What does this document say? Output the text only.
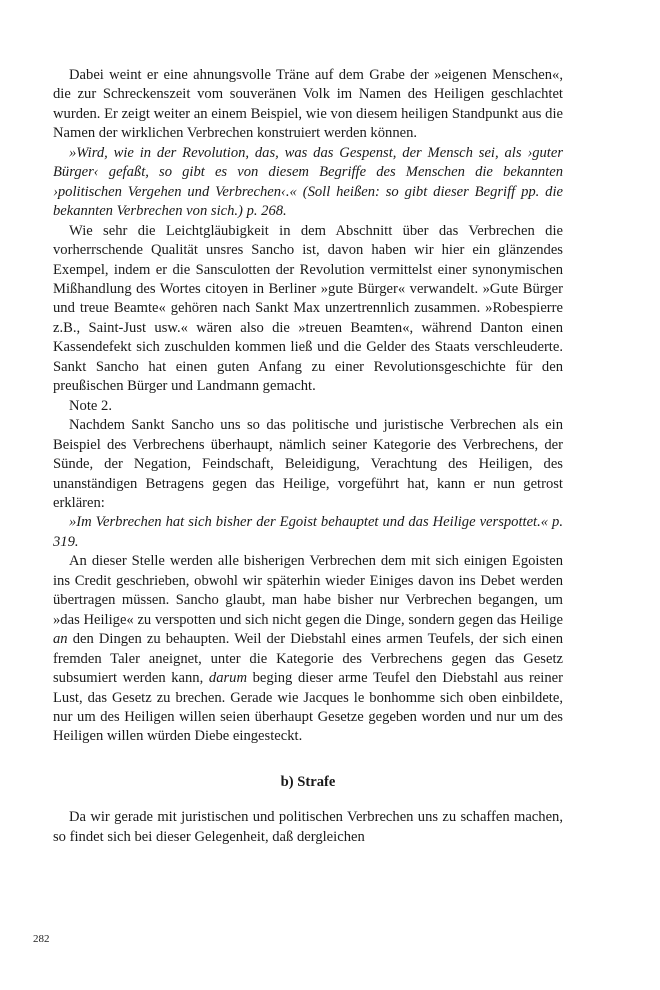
Dabei weint er eine ahnungsvolle Träne auf dem Grabe der »eigenen Menschen«, die zur Schreckenszeit vom souveränen Volk im Namen des Heiligen geschlachtet wurden. Er zeigt weiter an einem Beispiel, wie von diesem heiligen Standpunkt aus die Namen der wirklichen Verbrechen konstruiert werden können.

»Wird, wie in der Revolution, das, was das Gespenst, der Mensch sei, als ›guter Bürger‹ gefaßt, so gibt es von diesem Begriffe des Menschen die bekannten ›politischen Vergehen und Verbrechen‹.« (Soll heißen: so gibt dieser Begriff pp. die bekannten Verbrechen von sich.) p. 268.

Wie sehr die Leichtgläubigkeit in dem Abschnitt über das Verbrechen die vorherrschende Qualität unsres Sancho ist, davon haben wir hier ein glänzendes Exempel, indem er die Sansculotten der Revolution vermittelst einer synonymischen Mißhandlung des Wortes citoyen in Berliner »gute Bürger« verwandelt. »Gute Bürger und treue Beamte« gehören nach Sankt Max unzertrennlich zusammen. »Robespierre z.B., Saint-Just usw.« wären also die »treuen Beamten«, während Danton einen Kassendefekt sich zuschulden kommen ließ und die Gelder des Staats verschleuderte. Sankt Sancho hat einen guten Anfang zu einer Revolutionsgeschichte für den preußischen Bürger und Landmann gemacht.

Note 2.

Nachdem Sankt Sancho uns so das politische und juristische Verbrechen als ein Beispiel des Verbrechens überhaupt, nämlich seiner Kategorie des Verbrechens, der Sünde, der Negation, Feindschaft, Beleidigung, Verachtung des Heiligen, des unanständigen Betragens gegen das Heilige, vorgeführt hat, kann er nun getrost erklären:

»Im Verbrechen hat sich bisher der Egoist behauptet und das Heilige verspottet.« p. 319.

An dieser Stelle werden alle bisherigen Verbrechen dem mit sich einigen Egoisten ins Credit geschrieben, obwohl wir späterhin wieder Einiges davon ins Debet werden übertragen müssen. Sancho glaubt, man habe bisher nur Verbrechen begangen, um »das Heilige« zu verspotten und sich nicht gegen die Dinge, sondern gegen das Heilige an den Dingen zu behaupten. Weil der Diebstahl eines armen Teufels, der sich einen fremden Taler aneignet, unter die Kategorie des Verbrechens gegen das Gesetz subsumiert werden kann, darum beging dieser arme Teufel den Diebstahl aus reiner Lust, das Gesetz zu brechen. Gerade wie Jacques le bonhomme sich oben einbildete, nur um des Heiligen willen seien überhaupt Gesetze gegeben worden und nur um des Heiligen willen würden Diebe eingesteckt.

b) Strafe

Da wir gerade mit juristischen und politischen Verbrechen uns zu schaffen machen, so findet sich bei dieser Gelegenheit, daß dergleichen

282
